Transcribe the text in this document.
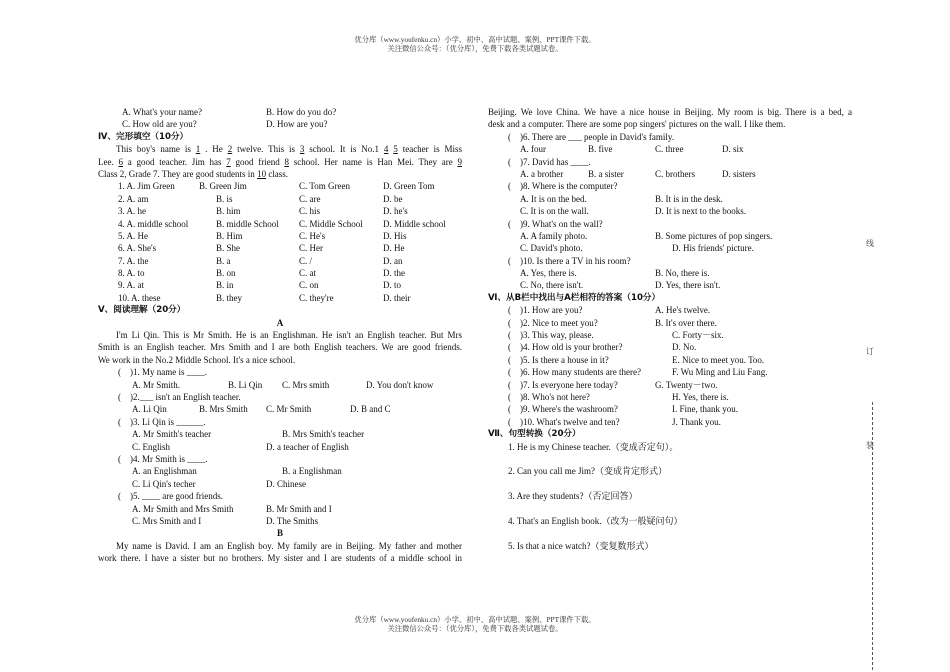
优分库（www.youfenku.cn）小学、初中、高中试题、案例、PPT课件下载。
关注微信公众号：（优分库），免费下载各类试题试卷。
优分库（www.youfenku.cn）小学、初中、高中试题、案例、PPT课件下载。
关注微信公众号：（优分库），免费下载各类试题试卷。
A. What's your name?	B. How do you do?
C. How old are you?	D. How are you?
Ⅳ、完形填空（10分）
This boy's name is 1 . He 2 twelve. This is 3 school. It is No.1 4 5 teacher is Miss
Lee. 6 a good teacher. Jim has 7 good friend 8 school. Her name is Han Mei. They are 9
Class 2, Grade 7. They are good students in 10 class.
1. A. Jim Green	B. Green Jim	C. Tom Green	D. Green Tom
2. A. am	B. is	C. are	D. be
3. A. he	B. him	C. his	D. he's
4. A. middle school	B. middle School C. Middle School D. Middle school
5. A. He	B. Him	C. He's	D. His
6. A. She's	B. She	C. Her	D. He
7. A. the	B. a	C. /	D. an
8. A. to	B. on	C. at	D. the
9. A. at	B. in	C. on	D. to
10. A. these	B. they	C. they're	D. their
Ⅴ、阅读理解（20分）
A
I'm Li Qin. This is Mr Smith. He is an Englishman. He isn't an English teacher. But Mrs
Smith is an English teacher. Mrs Smith and I are both English teachers. We are good friends.
We work in the No.2 Middle School. It's a nice school.
(　)1. My name is ____.
A. Mr Smith.	B. Li Qin C. Mrs smith	D. You don't know
(　)2.___ isn't an English teacher.
A. Li Qin	B. Mrs Smith C. Mr Smith	D. B and C
(　)3. Li Qin is ______.
A. Mr Smith's teacher	B. Mrs Smith's teacher
C. English	D. a teacher of English
(　)4. Mr Smith is ____.
A. an Englishman	B. a Englishman
C. Li Qin's techer	D. Chinese
(　)5. ____ are good friends.
A. Mr Smith and Mrs Smith	B. Mr Smith and I
C. Mrs Smith and I	D. The Smiths
B
My name is David. I am an English boy. My family are in Beijing. My father and mother
work there. I have a sister but no brothers. My sister and I are students of a middle school in
Beijing. We love China. We have a nice house in Beijing. My room is big. There is a bed, a
desk and a computer. There are some pop singers' pictures on the wall. I like them.
(　)6. There are ___ people in David's family.
A. four	B. five	C. three	D. six
(　)7. David has ____.
A. a brother	B. a sister	C. brothers	D. sisters
(　)8. Where is the computer?
A. It is on the bed.	B. It is in the desk.
C. It is on the wall.	D. It is next to the books.
(　)9. What's on the wall?
A. A family photo.	B. Some pictures of pop singers.
C. David's photo.	D. His friends' picture.
(　)10. Is there a TV in his room?
A. Yes, there is.	B. No, there is.
C. No, there isn't.	D. Yes, there isn't.
Ⅵ、从B栏中找出与A栏相符的答案（10分）
(　)1. How are you?	A. He's twelve.
(　)2. Nice to meet you?	B. It's over there.
(　)3. This way, please.	C. Forty－six.
(　)4. How old is your brother?	D. No.
(　)5. Is there a house in it?	E. Nice to meet you. Too.
(　)6. How many students are there?	F. Wu Ming and Liu Fang.
(　)7. Is everyone here today?	G. Twenty－two.
(　)8. Who's not here?	H. Yes, there is.
(　)9. Where's the washroom?	I. Fine, thank you.
(　)10. What's twelve and ten?	J. Thank you.
Ⅶ、句型转换（20分）
1. He is my Chinese teacher.（变成否定句）。
2. Can you call me Jim?（变成肯定形式）
3. Are they students?（否定回答）
4. That's an English book.（改为一般疑问句）
5. Is that a nice watch?（变复数形式）
线
订
装
